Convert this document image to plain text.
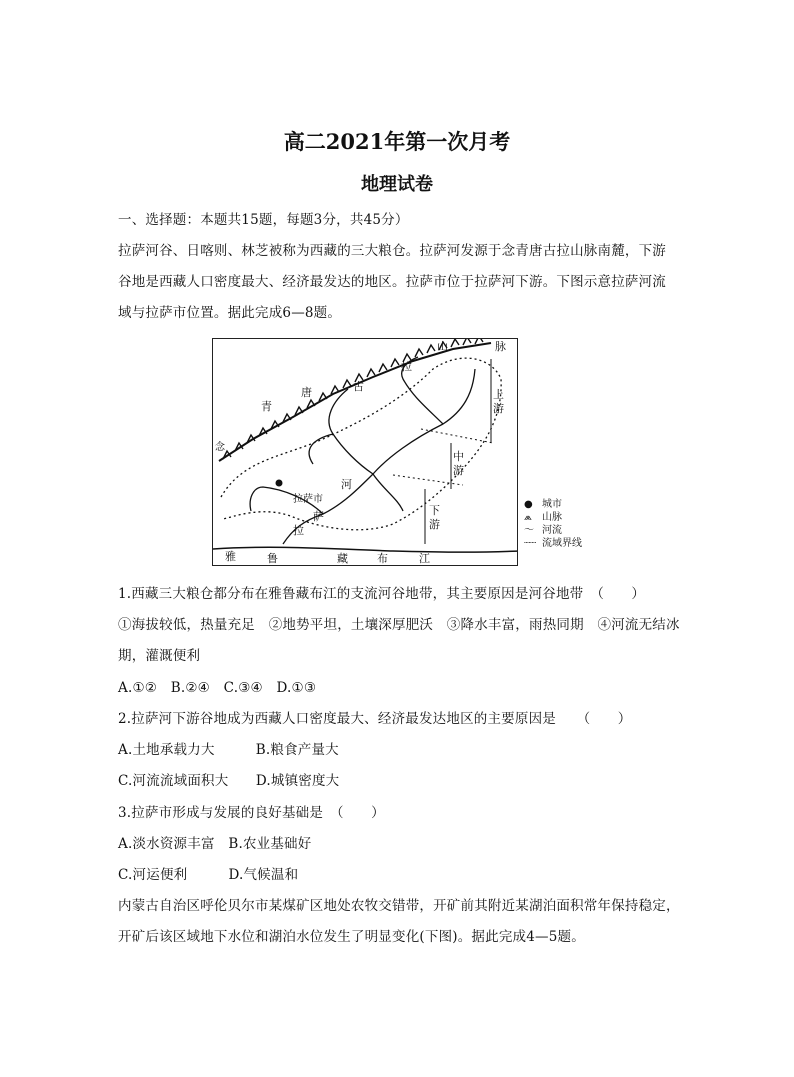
高二2021年第一次月考
地理试卷
一、选择题：本题共15题，每题3分，共45分）
拉萨河谷、日喀则、林芝被称为西藏的三大粮仓。拉萨河发源于念青唐古拉山脉南麓，下游
谷地是西藏人口密度最大、经济最发达的地区。拉萨市位于拉萨河下游。下图示意拉萨河流
域与拉萨市位置。据此完成6—8题。
念
青
唐	古
拉
山	脉
上
游
中
游
下
游
河
萨
拉
拉萨市
雅	鲁	藏	布	江
● 城市
⩕	山脉
〜 河流
┈┈ 流域界线
1.西藏三大粮仓都分布在雅鲁藏布江的支流河谷地带，其主要原因是河谷地带　（　　）
①海拔较低，热量充足　②地势平坦，土壤深厚肥沃　③降水丰富，雨热同期　④河流无结冰
期，灌溉便利
A.①②　B.②④　C.③④　D.①③
2.拉萨河下游谷地成为西藏人口密度最大、经济最发达地区的主要原因是　　（　　）
A.土地承载力大　　　B.粮食产量大
C.河流流域面积大　　D.城镇密度大
3.拉萨市形成与发展的良好基础是　（　　）
A.淡水资源丰富　B.农业基础好
C.河运便利　　　D.气候温和
内蒙古自治区呼伦贝尔市某煤矿区地处农牧交错带，开矿前其附近某湖泊面积常年保持稳定，
开矿后该区域地下水位和湖泊水位发生了明显变化(下图)。据此完成4—5题。
